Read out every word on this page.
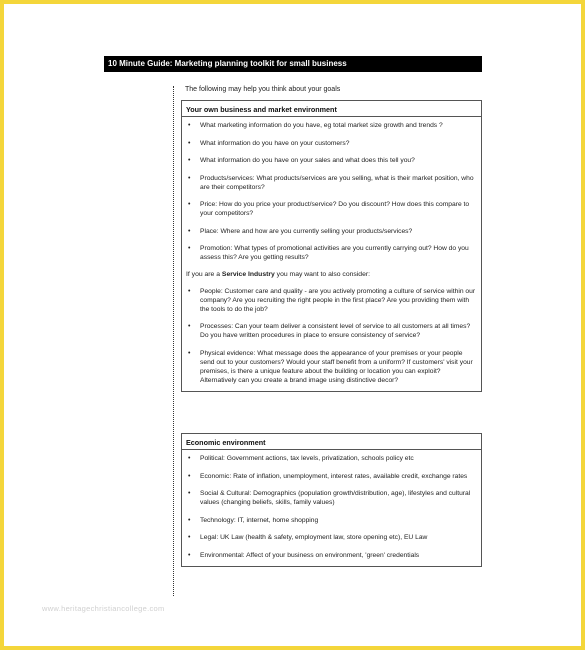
10 Minute Guide: Marketing planning toolkit for small business
The following may help you think about your goals
Your own business and market environment
• What marketing information do you have, eg total market size growth and trends ?
• What information do you have on your customers?
• What information do you have on your sales and what does this tell you?
• Products/services: What products/services are you selling, what is their market position, who are their competitors?
• Price: How do you price your product/service? Do you discount? How does this compare to your competitors?
• Place: Where and how are you currently selling your products/services?
• Promotion: What types of promotional activities are you currently carrying out? How do you assess this? Are you getting results?
If you are a Service Industry you may want to also consider:
• People: Customer care and quality - are you actively promoting a culture of service within our company? Are you recruiting the right people in the first place? Are you providing them with the tools to do the job?
• Processes: Can your team deliver a consistent level of service to all customers at all times? Do you have written procedures in place to ensure consistency of service?
• Physical evidence: What message does the appearance of your premises or your people send out to your customers? Would your staff benefit from a uniform? If customers' visit your premises, is there a unique feature about the building or location you can exploit? Alternatively can you create a brand image using distinctive decor?
Economic environment
• Political: Government actions, tax levels, privatization, schools policy etc
• Economic: Rate of inflation, unemployment, interest rates, available credit, exchange rates
• Social & Cultural: Demographics (population growth/distribution, age), lifestyles and cultural values (changing beliefs, skills, family values)
• Technology: IT, internet, home shopping
• Legal: UK Law (health & safety, employment law, store opening etc), EU Law
• Environmental: Affect of your business on environment, 'green' credentials
www.heritagechristiancollege.com
